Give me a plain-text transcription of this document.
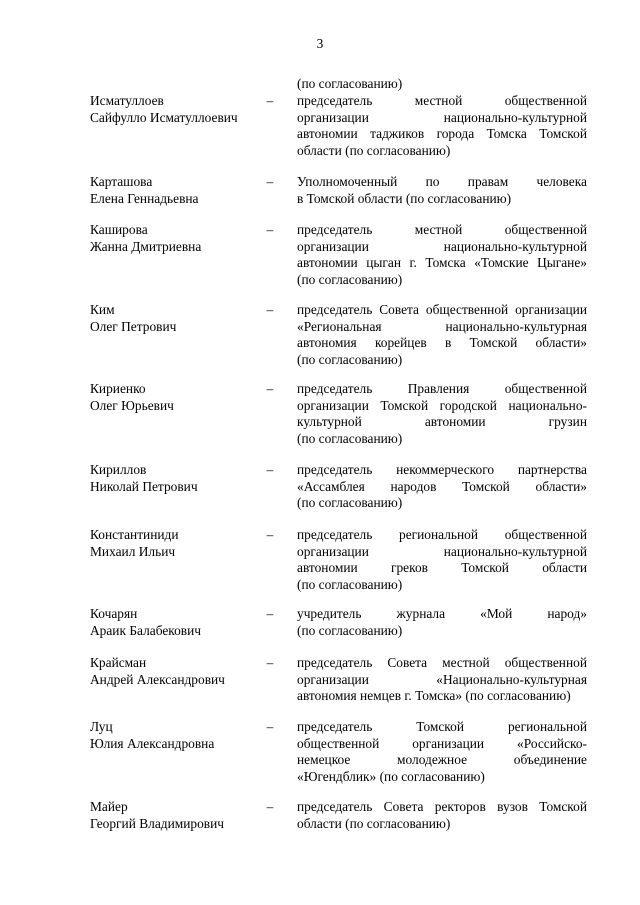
3
(по согласованию)
Исматуллоев
Сайфулло Исматуллоевич
– председатель местной общественной
организации национально-культурной
автономии таджиков города Томска Томской
области (по согласованию)
Карташова
Елена Геннадьевна
– Уполномоченный по правам человека
в Томской области (по согласованию)
Каширова
Жанна Дмитриевна
– председатель местной общественной
организации национально-культурной
автономии цыган г. Томска «Томские Цыгане»
(по согласованию)
Ким
Олег Петрович
– председатель Совета общественной организации
«Региональная национально-культурная
автономия корейцев в Томской области»
(по согласованию)
Кириенко
Олег Юрьевич
– председатель Правления общественной
организации Томской городской национально-
культурной автономии грузин
(по согласованию)
Кириллов
Николай Петрович
– председатель некоммерческого партнерства
«Ассамблея народов Томской области»
(по согласованию)
Константиниди
Михаил Ильич
– председатель региональной общественной
организации национально-культурной
автономии греков Томской области
(по согласованию)
Кочарян
Араик Балабекович
– учредитель журнала «Мой народ»
(по согласованию)
Крайсман
Андрей Александрович
– председатель Совета местной общественной
организации «Национально-культурная
автономия немцев г. Томска» (по согласованию)
Луц
Юлия Александровна
– председатель Томской региональной
общественной организации «Российско-
немецкое молодежное объединение
«Югендблик» (по согласованию)
Майер
Георгий Владимирович
– председатель Совета ректоров вузов Томской
области (по согласованию)
